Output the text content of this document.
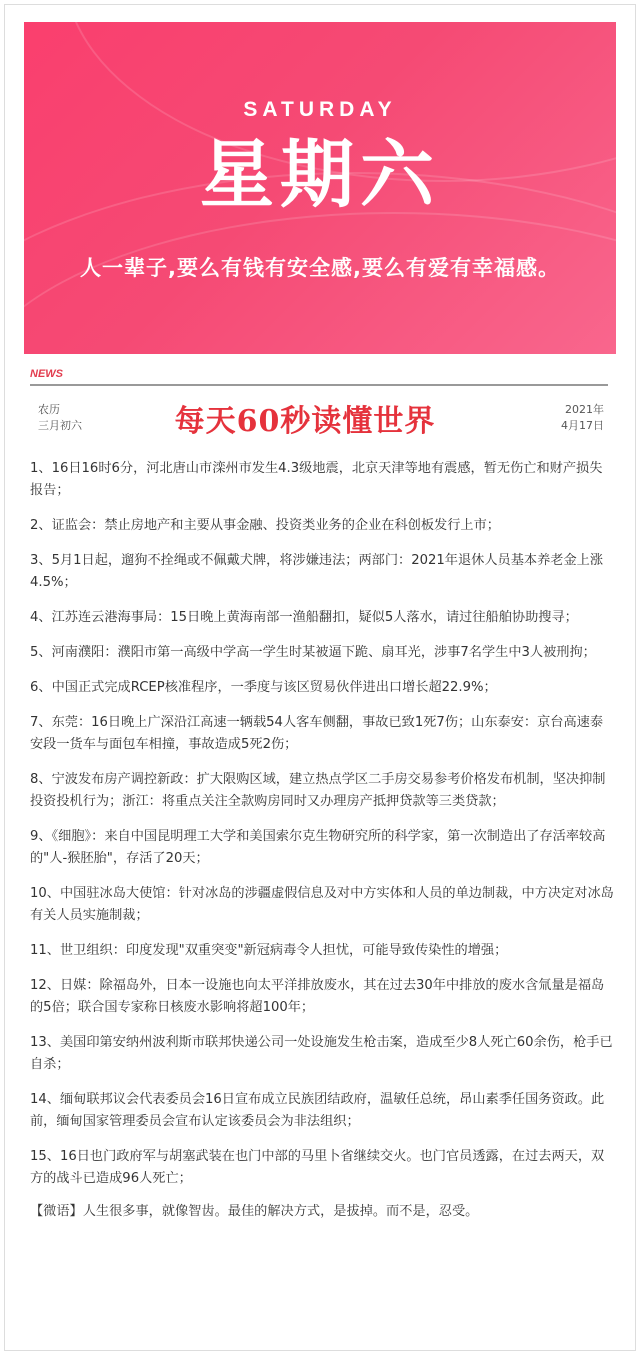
SATURDAY
星期六
人一辈子,要么有钱有安全感,要么有爱有幸福感。
NEWS
农历
三月初六	每天60秒读懂世界	2021年
4月17日
1、16日16时6分，河北唐山市滦州市发生4.3级地震，北京天津等地有震感，暂无伤亡和财产损失报告；
2、证监会：禁止房地产和主要从事金融、投资类业务的企业在科创板发行上市；
3、5月1日起，遛狗不拴绳或不佩戴犬牌，将涉嫌违法；两部门：2021年退休人员基本养老金上涨4.5%；
4、江苏连云港海事局：15日晚上黄海南部一渔船翻扣，疑似5人落水，请过往船舶协助搜寻；
5、河南濮阳：濮阳市第一高级中学高一学生时某被逼下跪、扇耳光，涉事7名学生中3人被刑拘；
6、中国正式完成RCEP核准程序，一季度与该区贸易伙伴进出口增长超22.9%；
7、东莞：16日晚上广深沿江高速一辆载54人客车侧翻，事故已致1死7伤；山东泰安：京台高速泰安段一货车与面包车相撞，事故造成5死2伤；
8、宁波发布房产调控新政：扩大限购区域，建立热点学区二手房交易参考价格发布机制，坚决抑制投资投机行为；浙江：将重点关注全款购房同时又办理房产抵押贷款等三类贷款；
9、《细胞》：来自中国昆明理工大学和美国索尔克生物研究所的科学家，第一次制造出了存活率较高的"人-猴胚胎"，存活了20天；
10、中国驻冰岛大使馆：针对冰岛的涉疆虚假信息及对中方实体和人员的单边制裁，中方决定对冰岛有关人员实施制裁；
11、世卫组织：印度发现"双重突变"新冠病毒令人担忧，可能导致传染性的增强；
12、日媒：除福岛外，日本一设施也向太平洋排放废水，其在过去30年中排放的废水含氚量是福岛的5倍；联合国专家称日核废水影响将超100年；
13、美国印第安纳州波利斯市联邦快递公司一处设施发生枪击案，造成至少8人死亡60余伤，枪手已自杀；
14、缅甸联邦议会代表委员会16日宣布成立民族团结政府，温敏任总统，昂山素季任国务资政。此前，缅甸国家管理委员会宣布认定该委员会为非法组织；
15、16日也门政府军与胡塞武装在也门中部的马里卜省继续交火。也门官员透露，在过去两天，双方的战斗已造成96人死亡；
【微语】人生很多事，就像智齿。最佳的解决方式，是拔掉。而不是，忍受。
